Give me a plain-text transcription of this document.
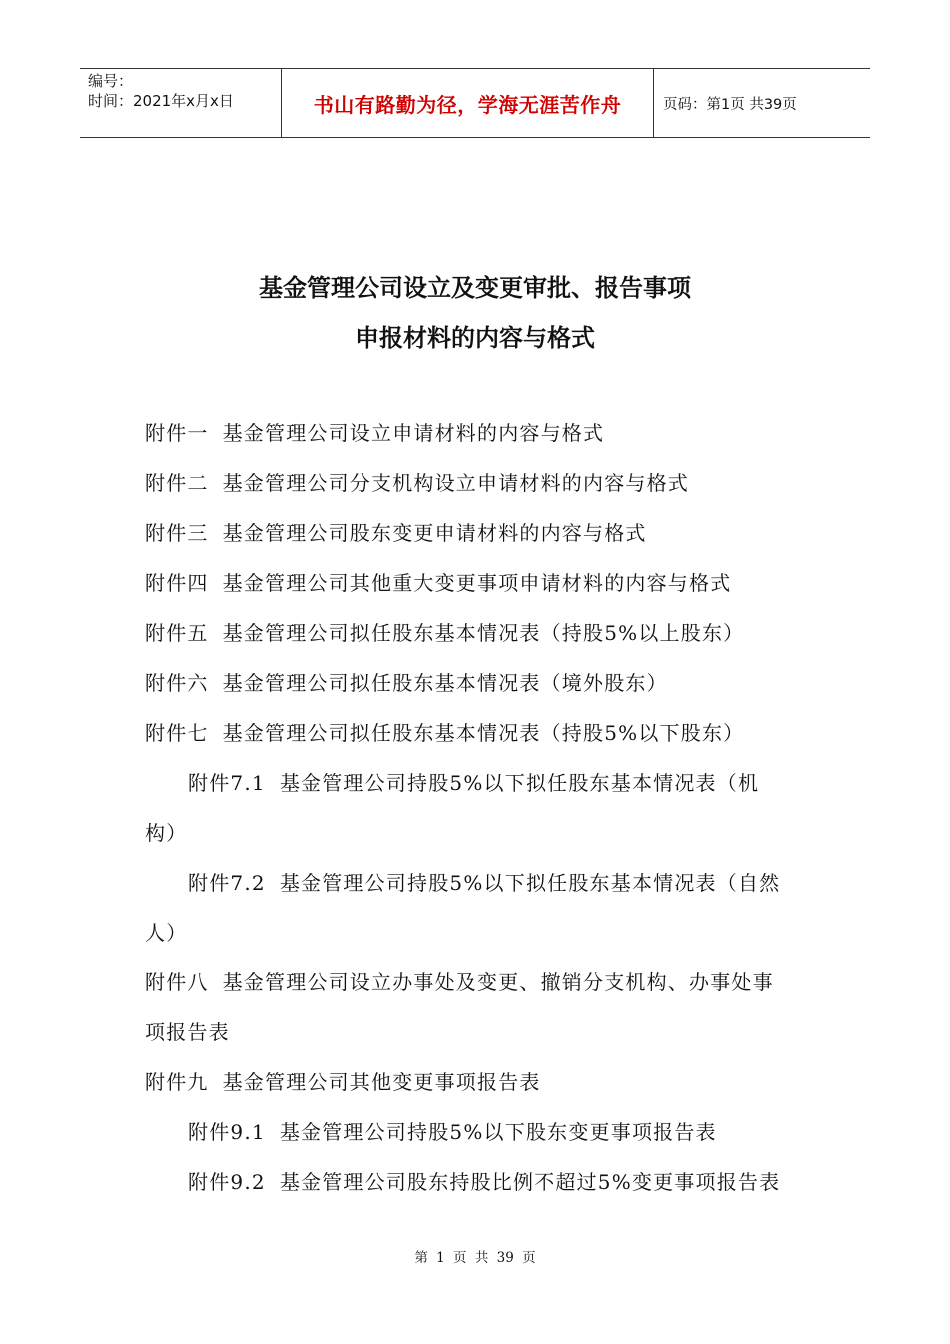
编号：
时间：2021年x月x日	书山有路勤为径，学海无涯苦作舟	页码：第1页 共39页
基金管理公司设立及变更审批、报告事项
申报材料的内容与格式
附件一 基金管理公司设立申请材料的内容与格式
附件二 基金管理公司分支机构设立申请材料的内容与格式
附件三 基金管理公司股东变更申请材料的内容与格式
附件四 基金管理公司其他重大变更事项申请材料的内容与格式
附件五 基金管理公司拟任股东基本情况表（持股5%以上股东）
附件六 基金管理公司拟任股东基本情况表（境外股东）
附件七 基金管理公司拟任股东基本情况表（持股5%以下股东）
附件7.1 基金管理公司持股5%以下拟任股东基本情况表（机
构）
附件7.2 基金管理公司持股5%以下拟任股东基本情况表（自然
人）
附件八 基金管理公司设立办事处及变更、撤销分支机构、办事处事
项报告表
附件九 基金管理公司其他变更事项报告表
附件9.1 基金管理公司持股5%以下股东变更事项报告表
附件9.2 基金管理公司股东持股比例不超过5%变更事项报告表
第 1 页 共 39 页
